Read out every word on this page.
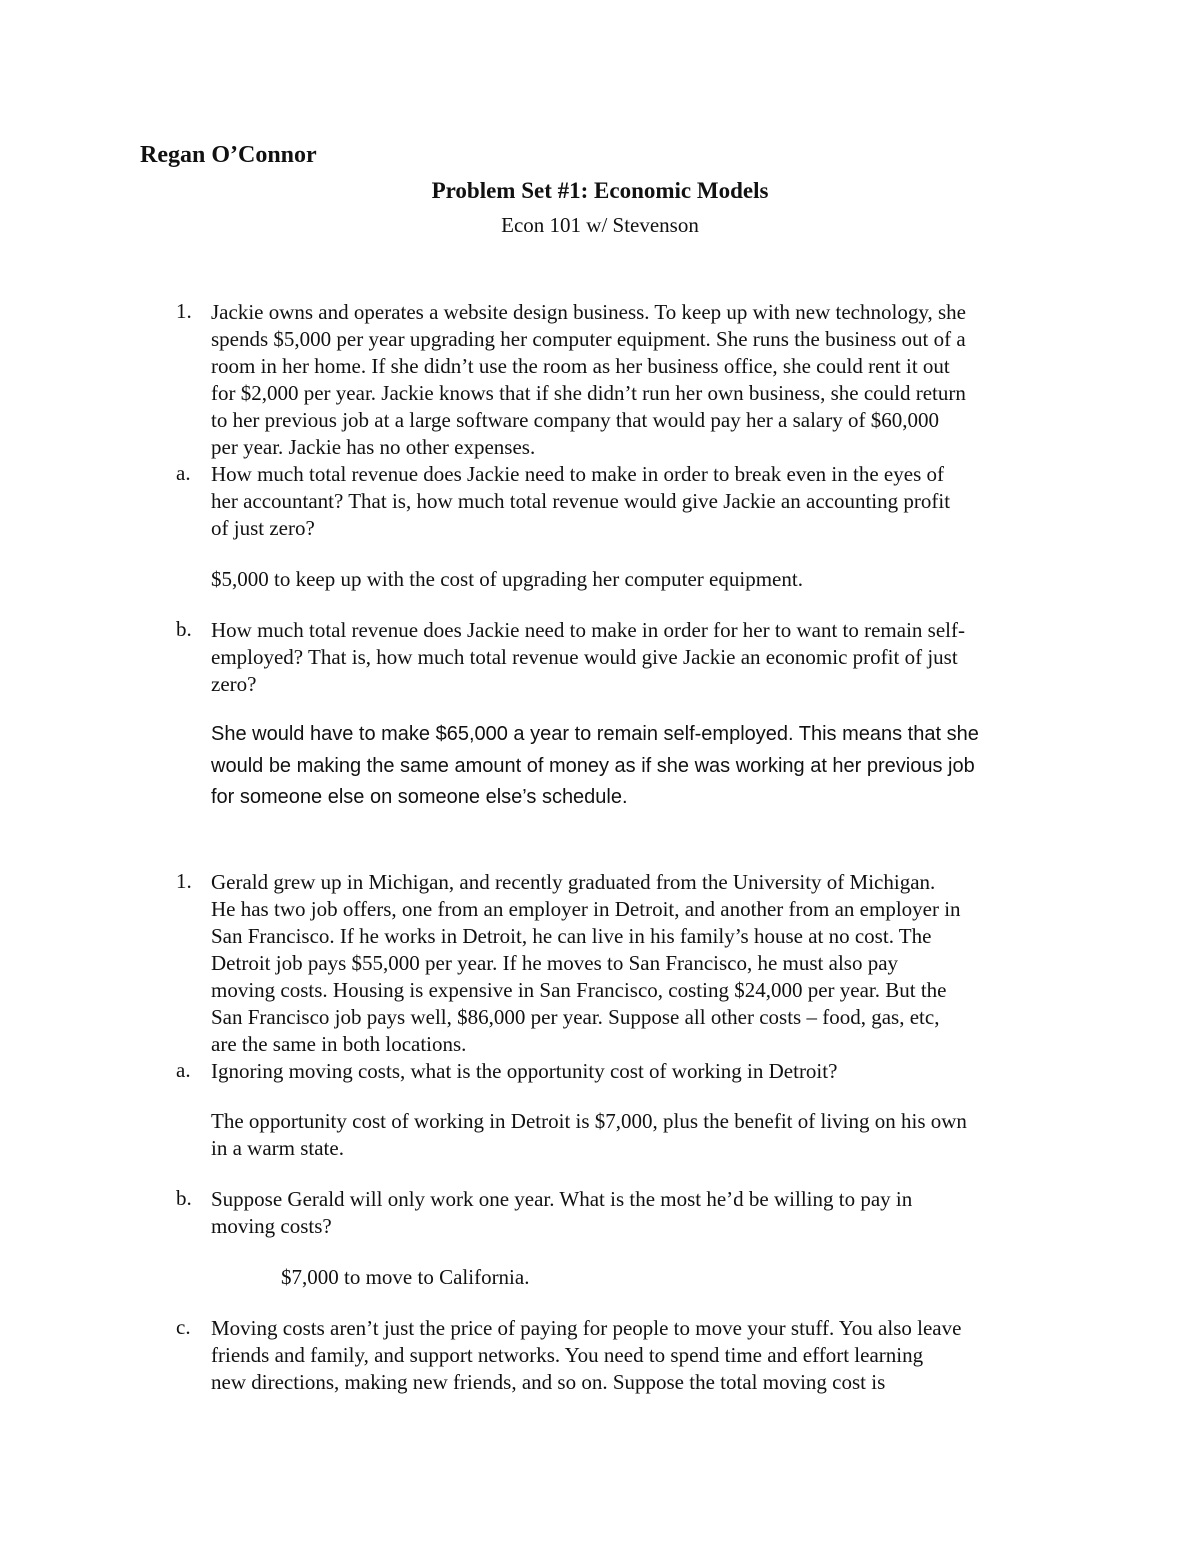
Regan O’Connor
Problem Set #1: Economic Models
Econ 101 w/ Stevenson
1. Jackie owns and operates a website design business. To keep up with new technology, she
spends $5,000 per year upgrading her computer equipment. She runs the business out of a
room in her home. If she didn’t use the room as her business office, she could rent it out
for $2,000 per year. Jackie knows that if she didn’t run her own business, she could return
to her previous job at a large software company that would pay her a salary of $60,000
per year. Jackie has no other expenses.
a. How much total revenue does Jackie need to make in order to break even in the eyes of
her accountant? That is, how much total revenue would give Jackie an accounting profit
of just zero?
$5,000 to keep up with the cost of upgrading her computer equipment.
b. How much total revenue does Jackie need to make in order for her to want to remain self-
employed? That is, how much total revenue would give Jackie an economic profit of just
zero?
She would have to make $65,000 a year to remain self-employed. This means that she
would be making the same amount of money as if she was working at her previous job
for someone else on someone else’s schedule.
1. Gerald grew up in Michigan, and recently graduated from the University of Michigan.
He has two job offers, one from an employer in Detroit, and another from an employer in
San Francisco. If he works in Detroit, he can live in his family’s house at no cost. The
Detroit job pays $55,000 per year. If he moves to San Francisco, he must also pay
moving costs. Housing is expensive in San Francisco, costing $24,000 per year. But the
San Francisco job pays well, $86,000 per year. Suppose all other costs – food, gas, etc,
are the same in both locations.
a. Ignoring moving costs, what is the opportunity cost of working in Detroit?
The opportunity cost of working in Detroit is $7,000, plus the benefit of living on his own
in a warm state.
b. Suppose Gerald will only work one year. What is the most he’d be willing to pay in
moving costs?
$7,000 to move to California.
c. Moving costs aren’t just the price of paying for people to move your stuff. You also leave
friends and family, and support networks. You need to spend time and effort learning
new directions, making new friends, and so on. Suppose the total moving cost is
